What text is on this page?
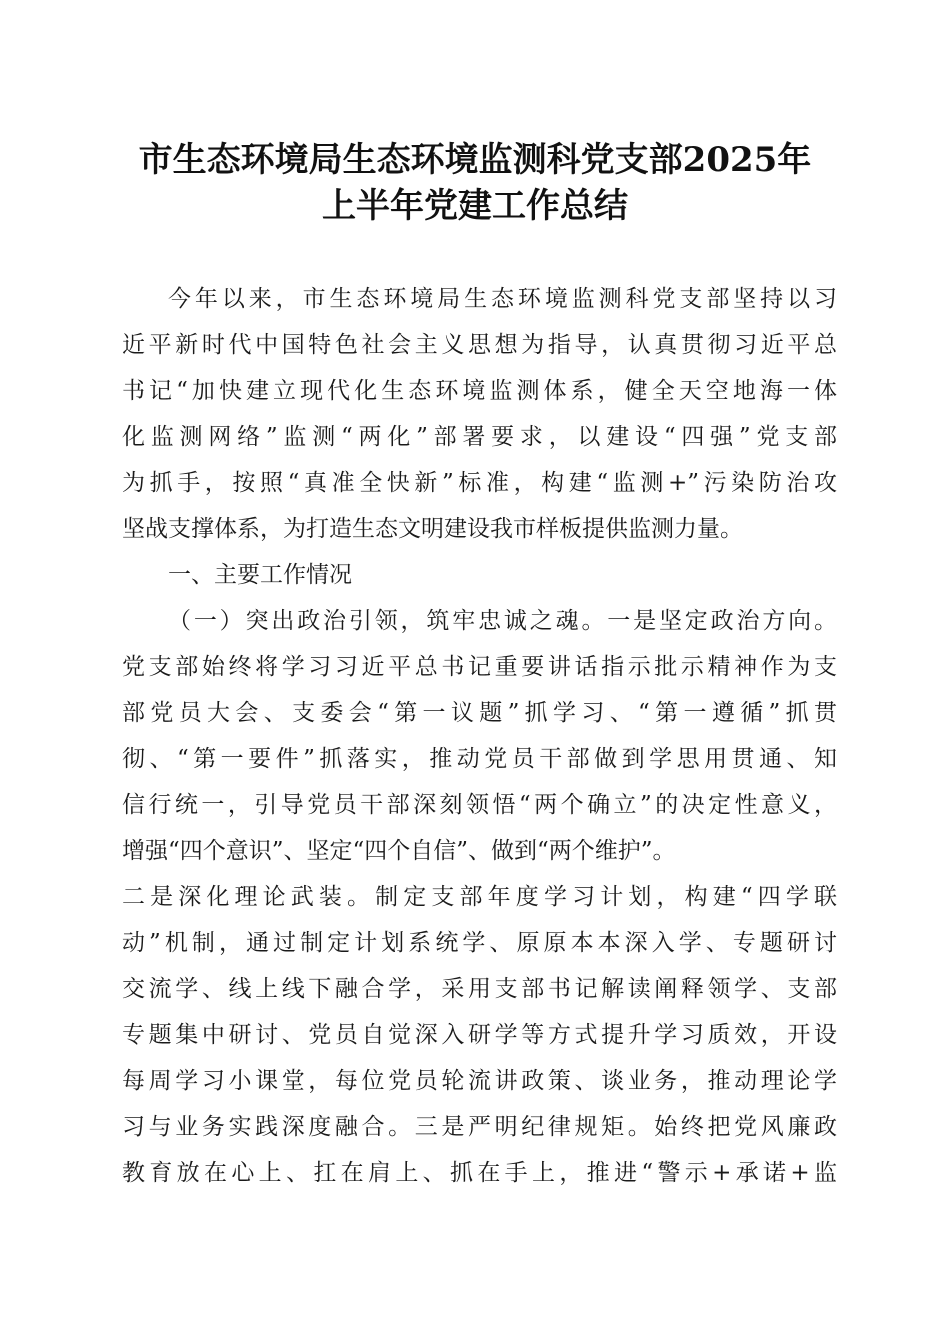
市生态环境局生态环境监测科党支部2025年
上半年党建工作总结
今年以来，市生态环境局生态环境监测科党支部坚持以习
近平新时代中国特色社会主义思想为指导，认真贯彻习近平总
书记“加快建立现代化生态环境监测体系，健全天空地海一体
化监测网络”监测“两化”部署要求，以建设“四强”党支部
为抓手，按照“真准全快新”标准，构建“监测+”污染防治攻
坚战支撑体系，为打造生态文明建设我市样板提供监测力量。
一、主要工作情况
（一）突出政治引领，筑牢忠诚之魂。一是坚定政治方向。
党支部始终将学习习近平总书记重要讲话指示批示精神作为支
部党员大会、支委会“第一议题”抓学习、“第一遵循”抓贯
彻、“第一要件”抓落实，推动党员干部做到学思用贯通、知
信行统一，引导党员干部深刻领悟“两个确立”的决定性意义，
增强“四个意识”、坚定“四个自信”、做到“两个维护”。
二是深化理论武装。制定支部年度学习计划，构建“四学联
动”机制，通过制定计划系统学、原原本本深入学、专题研讨
交流学、线上线下融合学，采用支部书记解读阐释领学、支部
专题集中研讨、党员自觉深入研学等方式提升学习质效，开设
每周学习小课堂，每位党员轮流讲政策、谈业务，推动理论学
习与业务实践深度融合。三是严明纪律规矩。始终把党风廉政
教育放在心上、扛在肩上、抓在手上，推进“警示+承诺+监
